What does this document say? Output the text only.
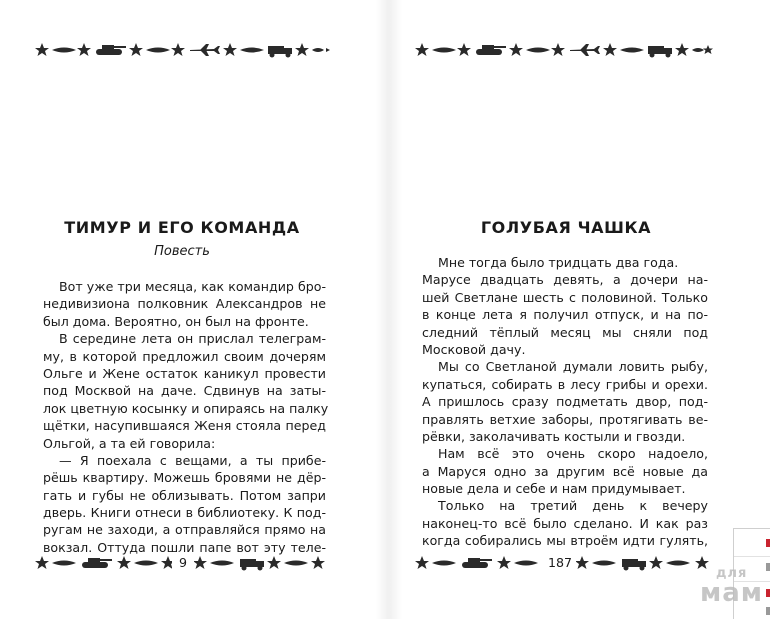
ТИМУР И ЕГО КОМАНДА
Повесть
Вот уже три месяца, как командир бро-
недивизиона полковник Александров не
был дома. Вероятно, он был на фронте.
В середине лета он прислал телеграм-
му, в которой предложил своим дочерям
Ольге и Жене остаток каникул провести
под Москвой на даче. Сдвинув на заты-
лок цветную косынку и опираясь на палку
щётки, насупившаяся Женя стояла перед
Ольгой, а та ей говорила:
— Я поехала с вещами, а ты прибе-
рёшь квартиру. Можешь бровями не дёр-
гать и губы не облизывать. Потом запри
дверь. Книги отнеси в библиотеку. К под-
ругам не заходи, а отправляйся прямо на
вокзал. Оттуда пошли папе вот эту теле-
9
ГОЛУБАЯ ЧАШКА
Мне тогда было тридцать два года.
Марусе двадцать девять, а дочери на-
шей Светлане шесть с половиной. Только
в конце лета я получил отпуск, и на по-
следний тёплый месяц мы сняли под
Московой дачу.
Мы со Светланой думали ловить рыбу,
купаться, собирать в лесу грибы и орехи.
А пришлось сразу подметать двор, под-
правлять ветхие заборы, протягивать ве-
рёвки, заколачивать костыли и гвозди.
Нам всё это очень скоро надоело,
а Маруся одно за другим всё новые да
новые дела и себе и нам придумывает.
Только на третий день к вечеру
наконец-то всё было сделано. И как раз
когда собирались мы втроём идти гулять,
187
для
мам
